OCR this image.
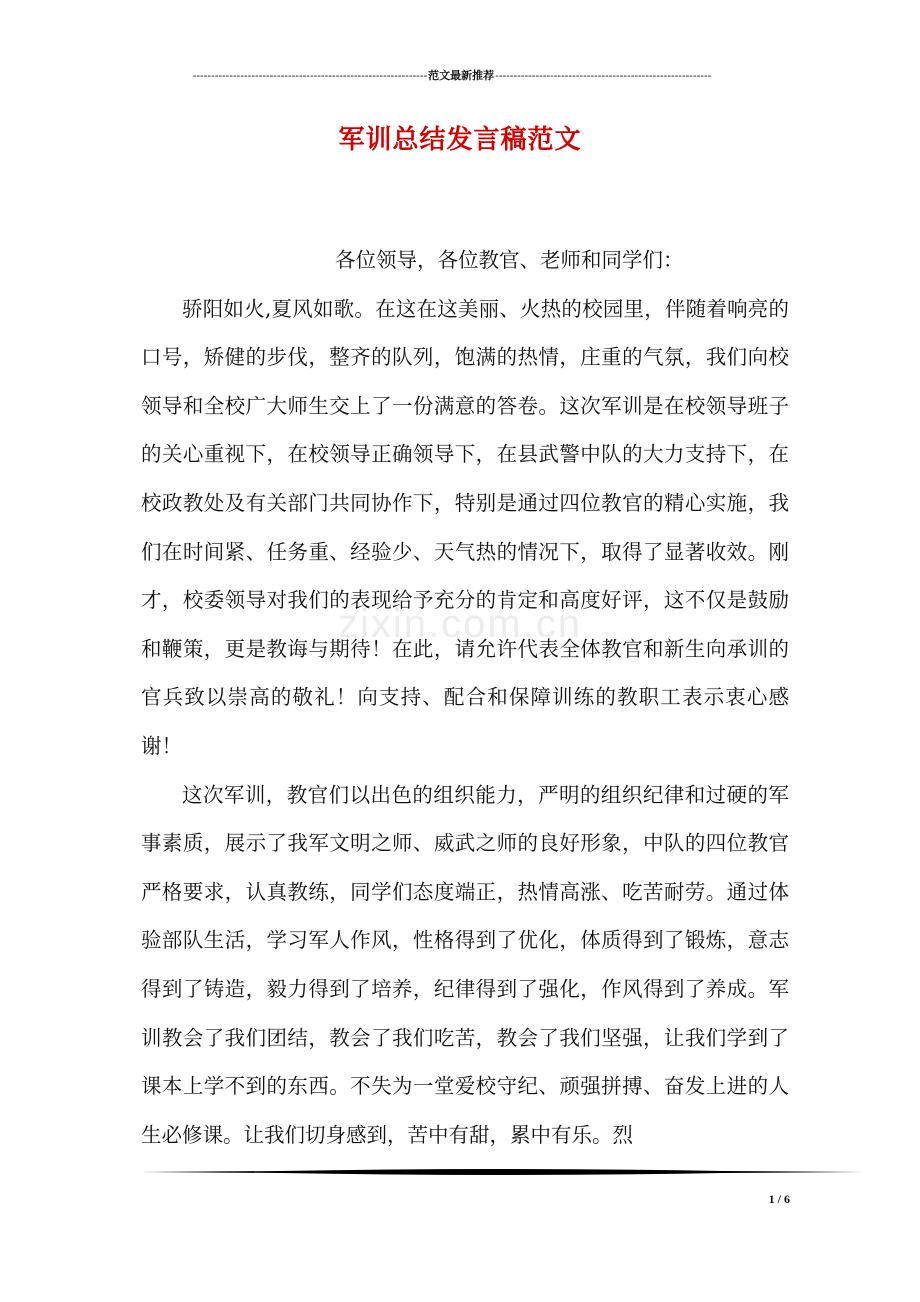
----------------------------------------------------------------范文最新推荐-----------------------------------------------------------
军训总结发言稿范文
zixin.com.cn

各位领导，各位教官、老师和同学们：

骄阳如火,夏风如歌。在这在这美丽、火热的校园里，伴随着响亮的口号，矫健的步伐，整齐的队列，饱满的热情，庄重的气氛，我们向校领导和全校广大师生交上了一份满意的答卷。这次军训是在校领导班子的关心重视下，在校领导正确领导下，在县武警中队的大力支持下，在校政教处及有关部门共同协作下，特别是通过四位教官的精心实施，我们在时间紧、任务重、经验少、天气热的情况下，取得了显著收效。刚才，校委领导对我们的表现给予充分的肯定和高度好评，这不仅是鼓励和鞭策，更是教诲与期待！在此，请允许代表全体教官和新生向承训的官兵致以崇高的敬礼！向支持、配合和保障训练的教职工表示衷心感谢！

这次军训，教官们以出色的组织能力，严明的组织纪律和过硬的军事素质，展示了我军文明之师、威武之师的良好形象，中队的四位教官严格要求，认真教练，同学们态度端正，热情高涨、吃苦耐劳。通过体验部队生活，学习军人作风，性格得到了优化，体质得到了锻炼，意志得到了铸造，毅力得到了培养，纪律得到了强化，作风得到了养成。军训教会了我们团结，教会了我们吃苦，教会了我们坚强，让我们学到了课本上学不到的东西。不失为一堂爱校守纪、顽强拼搏、奋发上进的人生必修课。让我们切身感到，苦中有甜，累中有乐。烈

1 / 6
